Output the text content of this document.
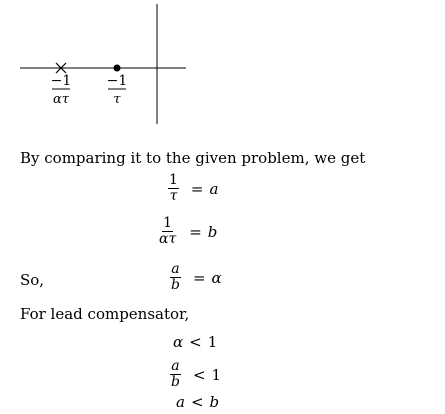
−1
ατ
−1
τ
By comparing it to the given problem, we get
$\frac{1}{\tau} = a$
$\frac{1}{\alpha\tau} = b$
So,	$\frac{a}{b} = \alpha$
For lead compensator,
α < 1
$\frac{a}{b} < 1$
a < b
